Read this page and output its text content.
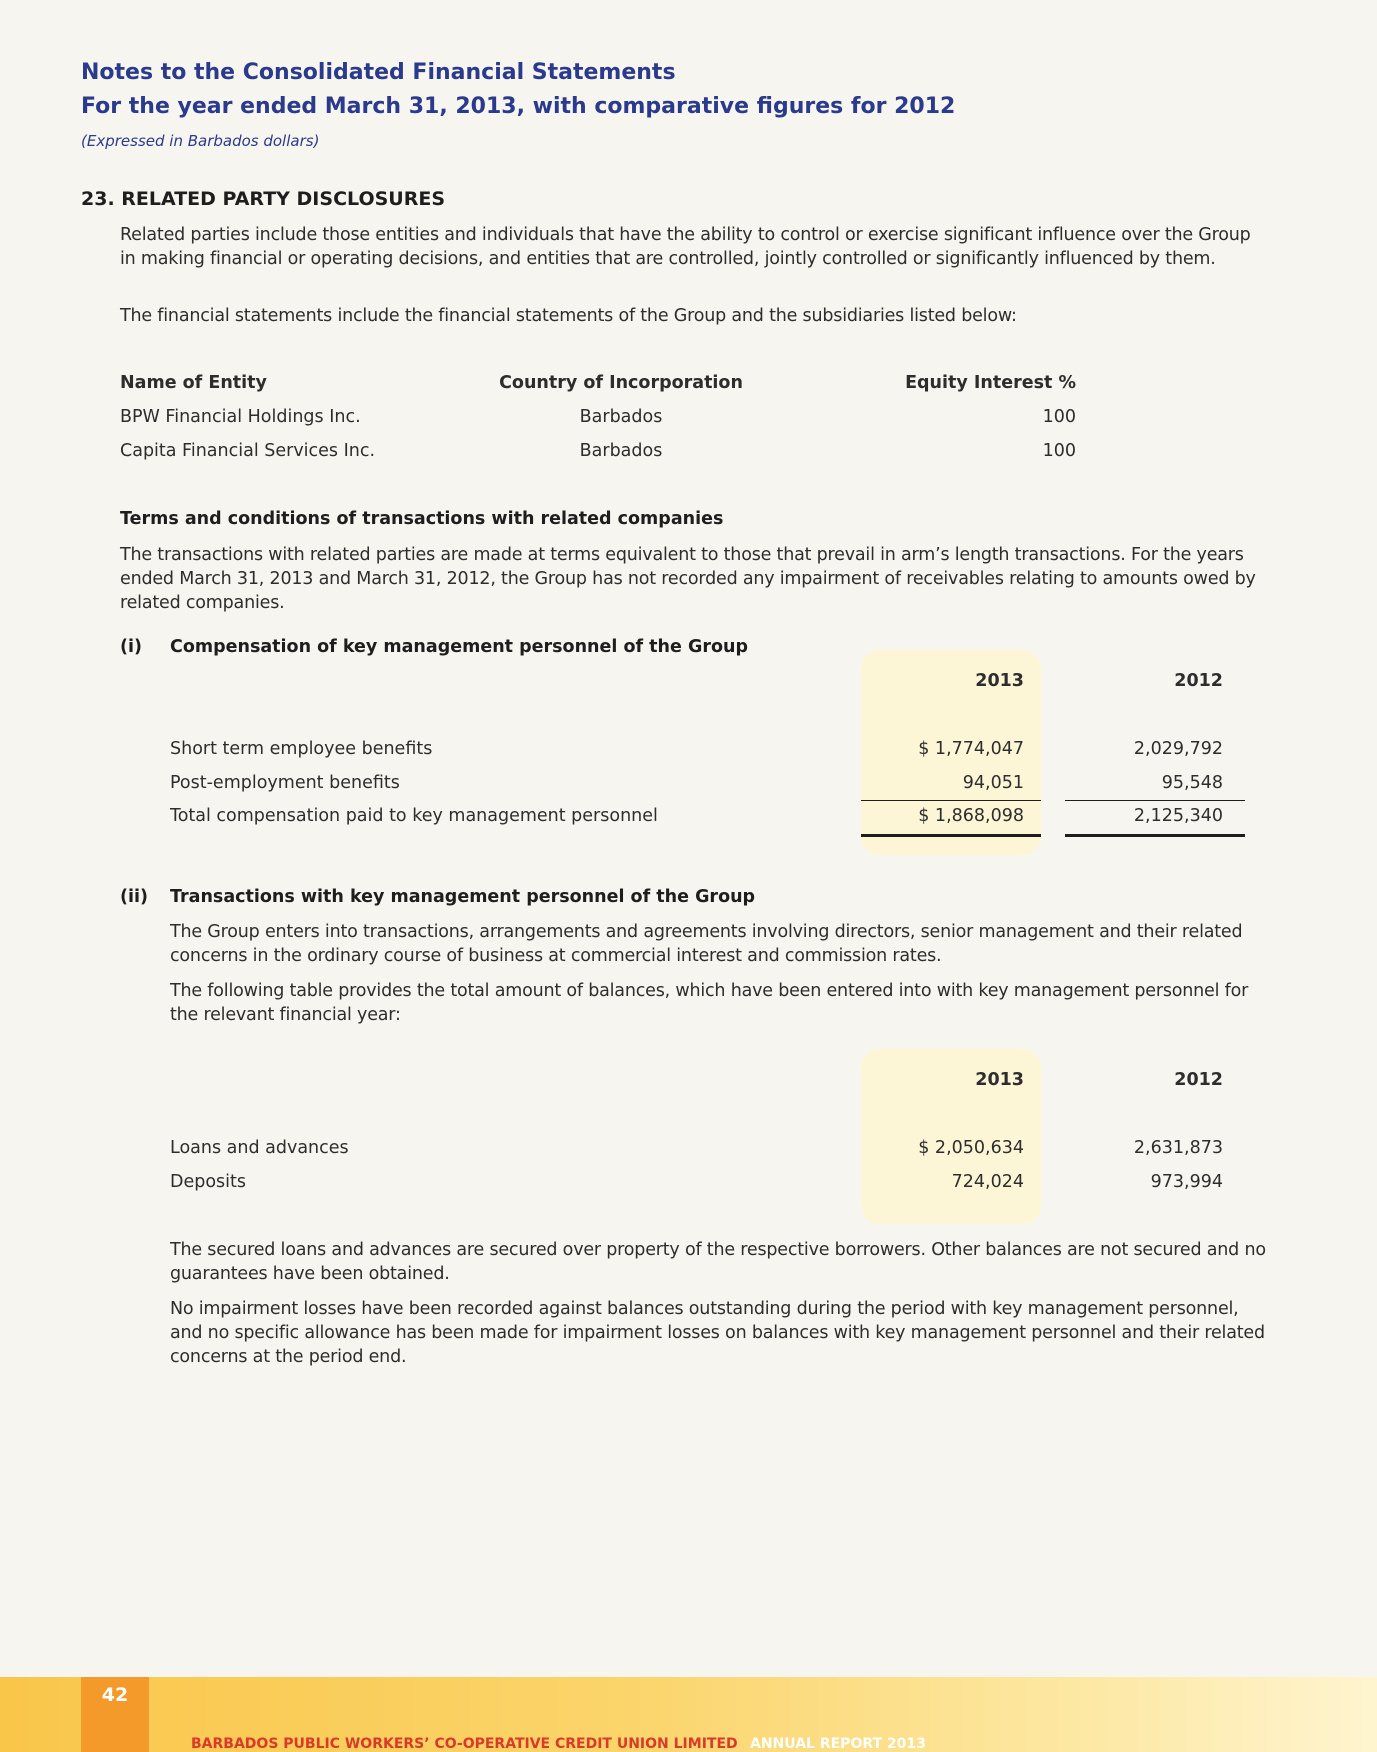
Notes to the Consolidated Financial Statements
For the year ended March 31, 2013, with comparative figures for 2012
(Expressed in Barbados dollars)
23. RELATED PARTY DISCLOSURES

Related parties include those entities and individuals that have the ability to control or exercise significant influence over the Group in making financial or operating decisions, and entities that are controlled, jointly controlled or significantly influenced by them.

The financial statements include the financial statements of the Group and the subsidiaries listed below:

Name of Entity	Country of Incorporation	Equity Interest %
BPW Financial Holdings Inc.	Barbados	100
Capita Financial Services Inc.	Barbados	100
Terms and conditions of transactions with related companies

The transactions with related parties are made at terms equivalent to those that prevail in arm’s length transactions. For the years ended March 31, 2013 and March 31, 2012, the Group has not recorded any impairment of receivables relating to amounts owed by related companies.

(i) Compensation of key management personnel of the Group
2013	2012
Short term employee benefits	$ 1,774,047	2,029,792
Post-employment benefits	94,051	95,548
Total compensation paid to key management personnel	$ 1,868,098	2,125,340
(ii) Transactions with key management personnel of the Group

The Group enters into transactions, arrangements and agreements involving directors, senior management and their related concerns in the ordinary course of business at commercial interest and commission rates.

The following table provides the total amount of balances, which have been entered into with key management personnel for the relevant financial year:

2013	2012
Loans and advances	$ 2,050,634	2,631,873
Deposits	724,024	973,994

The secured loans and advances are secured over property of the respective borrowers. Other balances are not secured and no guarantees have been obtained.

No impairment losses have been recorded against balances outstanding during the period with key management personnel, and no specific allowance has been made for impairment losses on balances with key management personnel and their related concerns at the period end.

42
BARBADOS PUBLIC WORKERS’ CO-OPERATIVE CREDIT UNION LIMITED ANNUAL REPORT 2013
